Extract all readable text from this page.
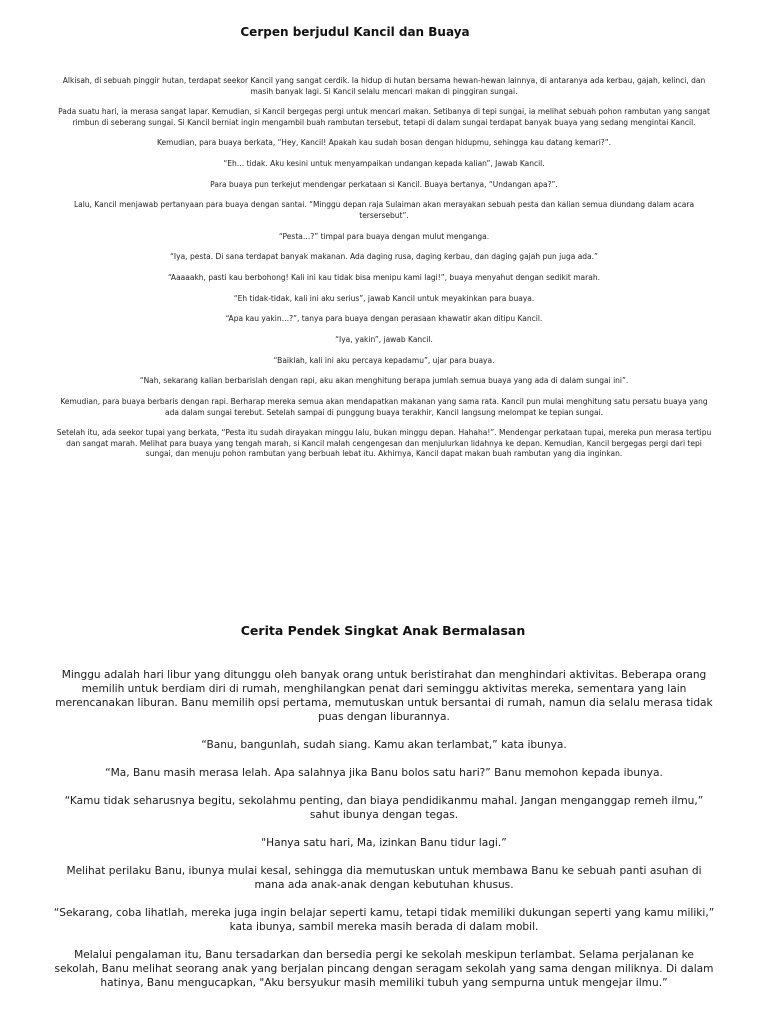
Cerpen berjudul Kancil dan Buaya

Alkisah, di sebuah pinggir hutan, terdapat seekor Kancil yang sangat cerdik. Ia hidup di hutan bersama hewan-hewan lainnya, di antaranya ada kerbau, gajah, kelinci, dan masih banyak lagi. Si Kancil selalu mencari makan di pinggiran sungai.

Pada suatu hari, ia merasa sangat lapar. Kemudian, si Kancil bergegas pergi untuk mencari makan. Setibanya di tepi sungai, ia melihat sebuah pohon rambutan yang sangat rimbun di seberang sungai. Si Kancil berniat ingin mengambil buah rambutan tersebut, tetapi di dalam sungai terdapat banyak buaya yang sedang mengintai Kancil.

Kemudian, para buaya berkata, “Hey, Kancil! Apakah kau sudah bosan dengan hidupmu, sehingga kau datang kemari?”.

“Eh… tidak. Aku kesini untuk menyampaikan undangan kepada kalian”, Jawab Kancil.

Para buaya pun terkejut mendengar perkataan si Kancil. Buaya bertanya, “Undangan apa?”.

Lalu, Kancil menjawab pertanyaan para buaya dengan santai. “Minggu depan raja Sulaiman akan merayakan sebuah pesta dan kalian semua diundang dalam acara tersersebut”.

“Pesta…?” timpal para buaya dengan mulut menganga.

“Iya, pesta. Di sana terdapat banyak makanan. Ada daging rusa, daging kerbau, dan daging gajah pun juga ada.”

“Aaaaakh, pasti kau berbohong! Kali ini kau tidak bisa menipu kami lagi!”, buaya menyahut dengan sedikit marah.

“Eh tidak-tidak, kali ini aku serius”, jawab Kancil untuk meyakinkan para buaya.

“Apa kau yakin…?”, tanya para buaya dengan perasaan khawatir akan ditipu Kancil.

“Iya, yakin”, jawab Kancil.

“Baiklah, kali ini aku percaya kepadamu”, ujar para buaya.

“Nah, sekarang kalian berbarislah dengan rapi, aku akan menghitung berapa jumlah semua buaya yang ada di dalam sungai ini”.

Kemudian, para buaya berbaris dengan rapi. Berharap mereka semua akan mendapatkan makanan yang sama rata. Kancil pun mulai menghitung satu persatu buaya yang ada dalam sungai terebut. Setelah sampai di punggung buaya terakhir, Kancil langsung melompat ke tepian sungai.

Setelah itu, ada seekor tupai yang berkata, “Pesta itu sudah dirayakan minggu lalu, bukan minggu depan. Hahaha!”. Mendengar perkataan tupai, mereka pun merasa tertipu dan sangat marah. Melihat para buaya yang tengah marah, si Kancil malah cengengesan dan menjulurkan lidahnya ke depan. Kemudian, Kancil bergegas pergi dari tepi sungai, dan menuju pohon rambutan yang berbuah lebat itu. Akhirnya, Kancil dapat makan buah rambutan yang dia inginkan.

Cerita Pendek Singkat Anak Bermalasan

Minggu adalah hari libur yang ditunggu oleh banyak orang untuk beristirahat dan menghindari aktivitas. Beberapa orang memilih untuk berdiam diri di rumah, menghilangkan penat dari seminggu aktivitas mereka, sementara yang lain merencanakan liburan. Banu memilih opsi pertama, memutuskan untuk bersantai di rumah, namun dia selalu merasa tidak puas dengan liburannya.

“Banu, bangunlah, sudah siang. Kamu akan terlambat,” kata ibunya.

“Ma, Banu masih merasa lelah. Apa salahnya jika Banu bolos satu hari?” Banu memohon kepada ibunya.

“Kamu tidak seharusnya begitu, sekolahmu penting, dan biaya pendidikanmu mahal. Jangan menganggap remeh ilmu,” sahut ibunya dengan tegas.

"Hanya satu hari, Ma, izinkan Banu tidur lagi.”

Melihat perilaku Banu, ibunya mulai kesal, sehingga dia memutuskan untuk membawa Banu ke sebuah panti asuhan di mana ada anak-anak dengan kebutuhan khusus.

“Sekarang, coba lihatlah, mereka juga ingin belajar seperti kamu, tetapi tidak memiliki dukungan seperti yang kamu miliki,” kata ibunya, sambil mereka masih berada di dalam mobil.

Melalui pengalaman itu, Banu tersadarkan dan bersedia pergi ke sekolah meskipun terlambat. Selama perjalanan ke sekolah, Banu melihat seorang anak yang berjalan pincang dengan seragam sekolah yang sama dengan miliknya. Di dalam hatinya, Banu mengucapkan, "Aku bersyukur masih memiliki tubuh yang sempurna untuk mengejar ilmu.”
